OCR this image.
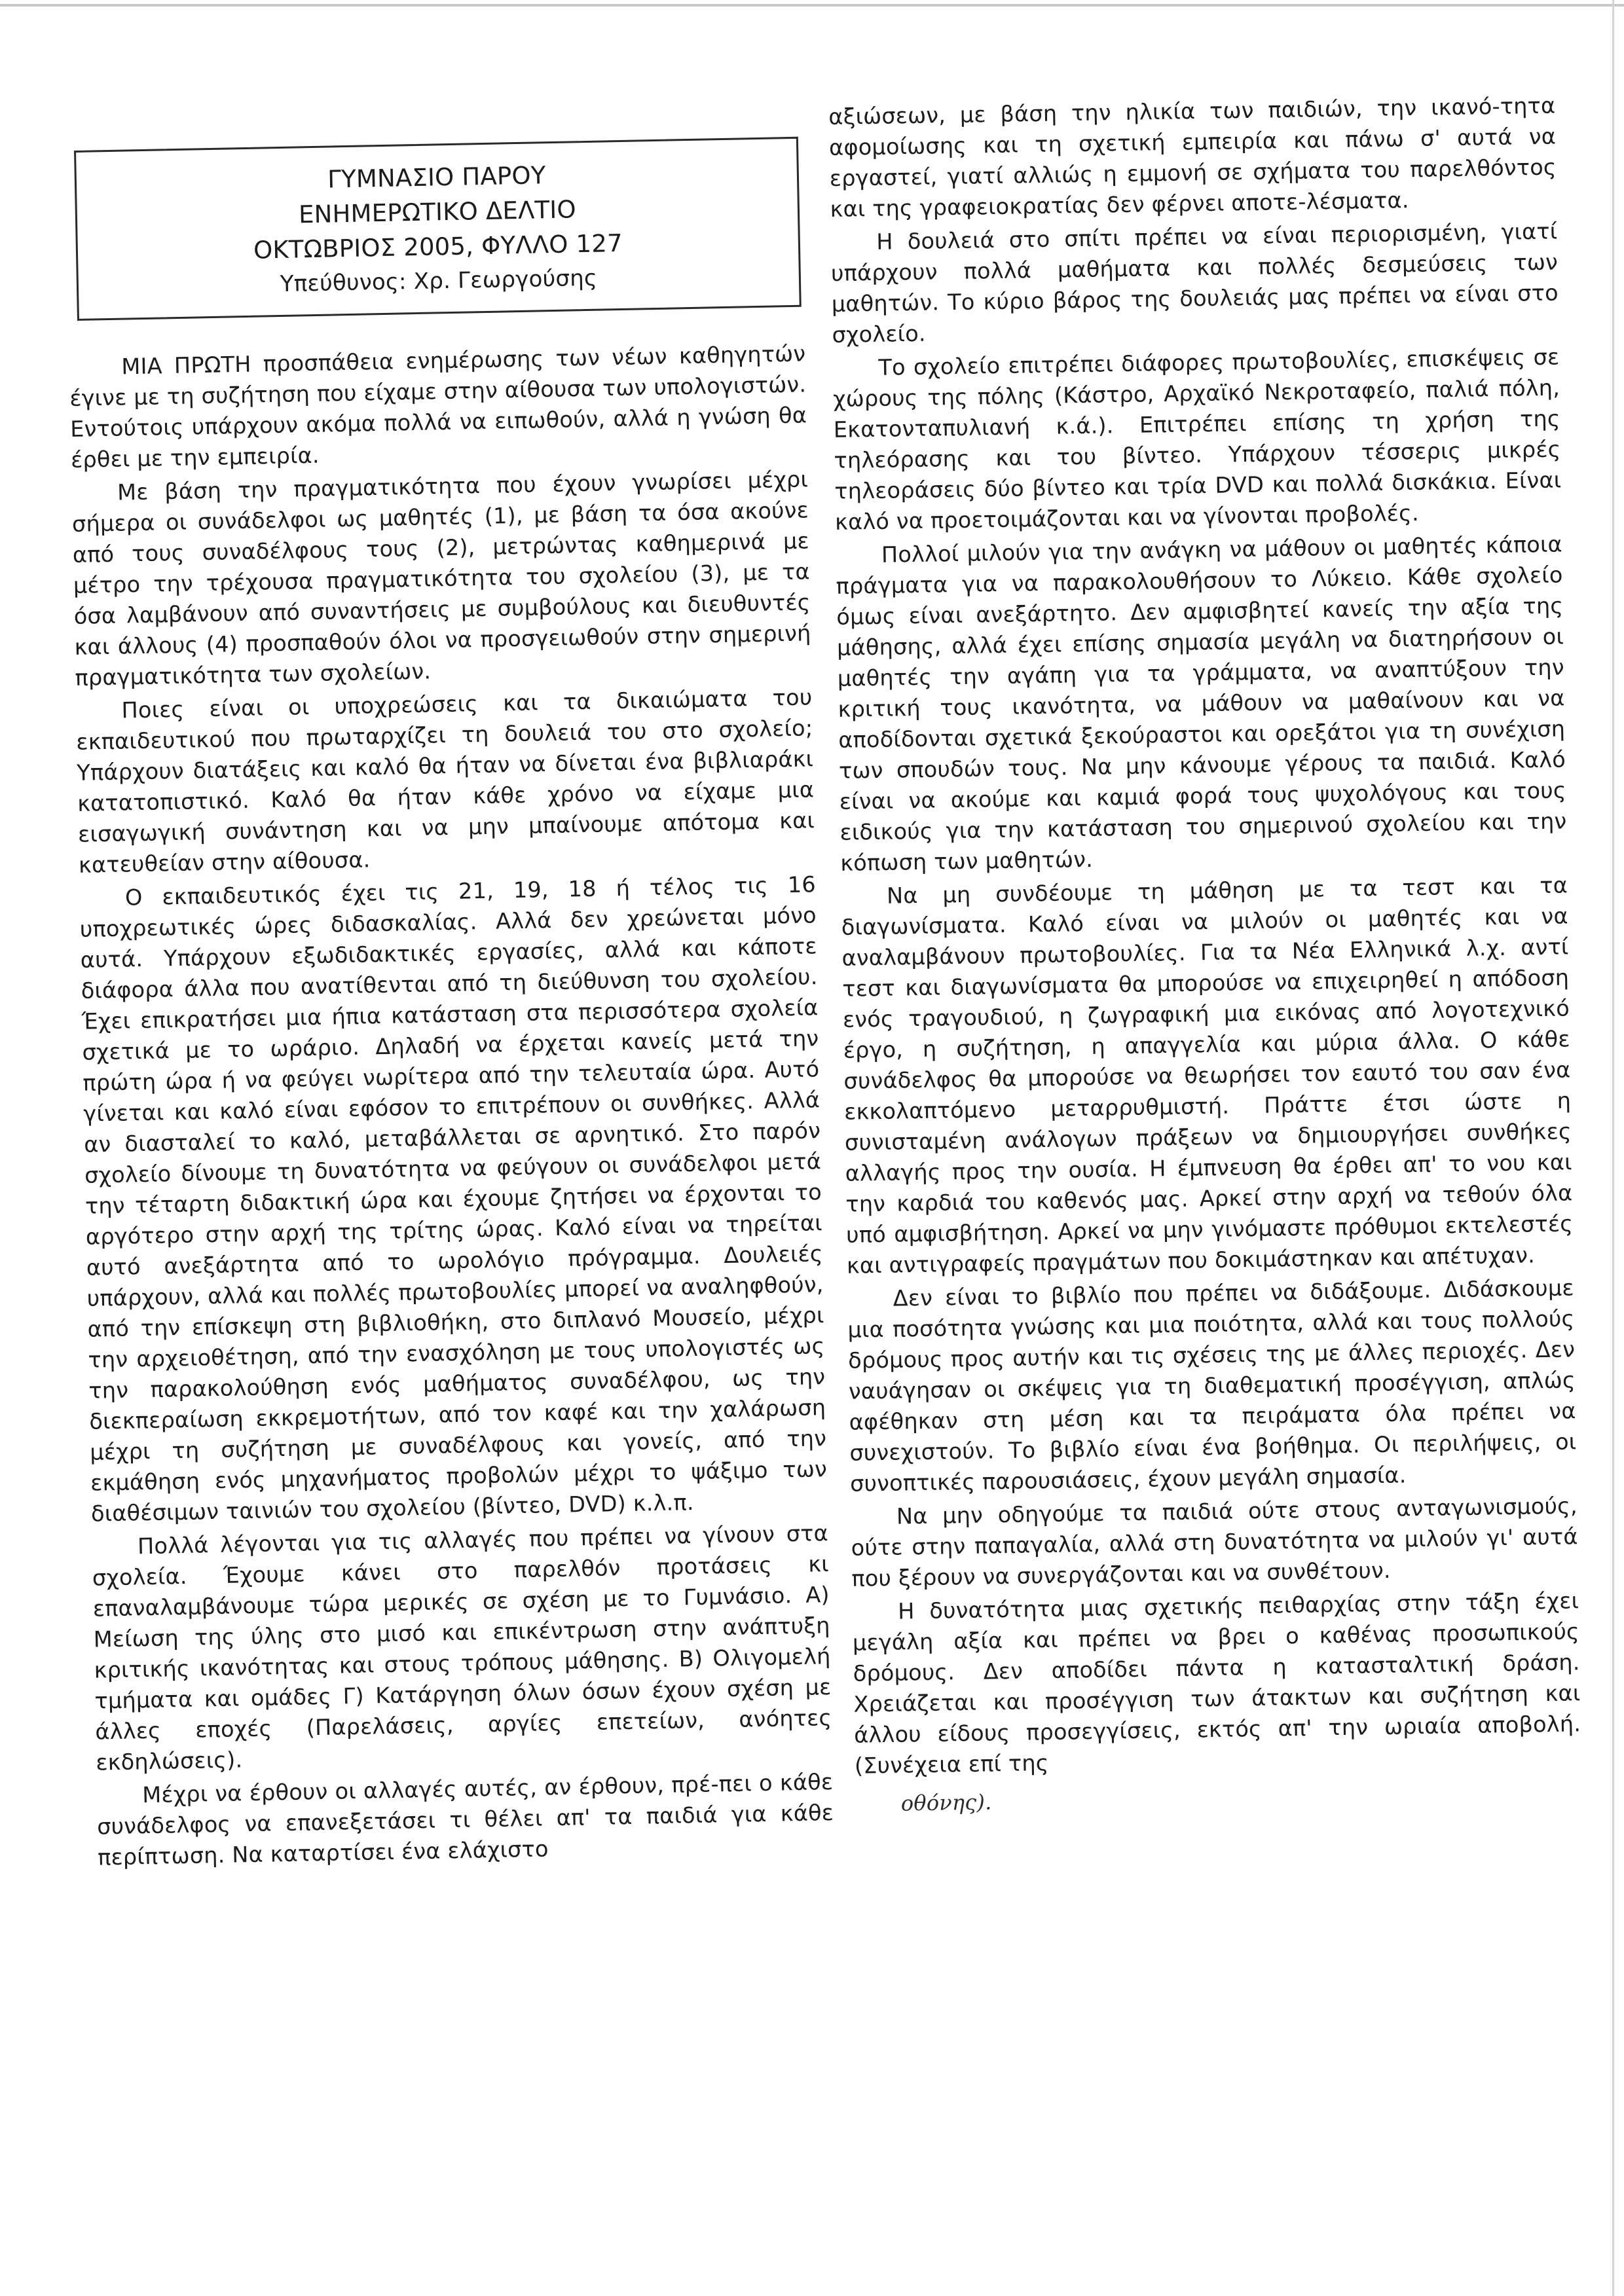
ΓΥΜΝΑΣΙΟ ΠΑΡΟΥ
ΕΝΗΜΕΡΩΤΙΚΟ ΔΕΛΤΙΟ
ΟΚΤΩΒΡΙΟΣ 2005, ΦΥΛΛΟ 127
Υπεύθυνος: Χρ. Γεωργούσης

ΜΙΑ ΠΡΩΤΗ προσπάθεια ενημέρωσης των νέων καθηγητών έγινε με τη συζήτηση που είχαμε στην αίθουσα των υπολογιστών. Εντούτοις υπάρχουν ακόμα πολλά να ειπωθούν, αλλά η γνώση θα έρθει με την εμπειρία.

Με βάση την πραγματικότητα που έχουν γνωρίσει μέχρι σήμερα οι συνάδελφοι ως μαθητές (1), με βάση τα όσα ακούνε από τους συναδέλφους τους (2), μετρώντας καθημερινά με μέτρο την τρέχουσα πραγματικότητα του σχολείου (3), με τα όσα λαμβάνουν από συναντήσεις με συμβούλους και διευθυντές και άλλους (4) προσπαθούν όλοι να προσγειωθούν στην σημερινή πραγματικότητα των σχολείων.

Ποιες είναι οι υποχρεώσεις και τα δικαιώματα του εκπαιδευτικού που πρωταρχίζει τη δουλειά του στο σχολείο; Υπάρχουν διατάξεις και καλό θα ήταν να δίνεται ένα βιβλιαράκι κατατοπιστικό. Καλό θα ήταν κάθε χρόνο να είχαμε μια εισαγωγική συνάντηση και να μην μπαίνουμε απότομα και κατευθείαν στην αίθουσα.

Ο εκπαιδευτικός έχει τις 21, 19, 18 ή τέλος τις 16 υποχρεωτικές ώρες διδασκαλίας. Αλλά δεν χρεώνεται μόνο αυτά. Υπάρχουν εξωδιδακτικές εργασίες, αλλά και κάποτε διάφορα άλλα που ανατίθενται από τη διεύθυνση του σχολείου. Έχει επικρατήσει μια ήπια κατάσταση στα περισσότερα σχολεία σχετικά με το ωράριο. Δηλαδή να έρχεται κανείς μετά την πρώτη ώρα ή να φεύγει νωρίτερα από την τελευταία ώρα. Αυτό γίνεται και καλό είναι εφόσον το επιτρέπουν οι συνθήκες. Αλλά αν διασταλεί το καλό, μεταβάλλεται σε αρνητικό. Στο παρόν σχολείο δίνουμε τη δυνατότητα να φεύγουν οι συνάδελφοι μετά την τέταρτη διδακτική ώρα και έχουμε ζητήσει να έρχονται το αργότερο στην αρχή της τρίτης ώρας. Καλό είναι να τηρείται αυτό ανεξάρτητα από το ωρολόγιο πρόγραμμα. Δουλειές υπάρχουν, αλλά και πολλές πρωτοβουλίες μπορεί να αναληφθούν, από την επίσκεψη στη βιβλιοθήκη, στο διπλανό Μουσείο, μέχρι την αρχειοθέτηση, από την ενασχόληση με τους υπολογιστές ως την παρακολούθηση ενός μαθήματος συναδέλφου, ως την διεκπεραίωση εκκρεμοτήτων, από τον καφέ και την χαλάρωση μέχρι τη συζήτηση με συναδέλφους και γονείς, από την εκμάθηση ενός μηχανήματος προβολών μέχρι το ψάξιμο των διαθέσιμων ταινιών του σχολείου (βίντεο, DVD) κ.λ.π.

Πολλά λέγονται για τις αλλαγές που πρέπει να γίνουν στα σχολεία. Έχουμε κάνει στο παρελθόν προτάσεις κι επαναλαμβάνουμε τώρα μερικές σε σχέση με το Γυμνάσιο. Α) Μείωση της ύλης στο μισό και επικέντρωση στην ανάπτυξη κριτικής ικανότητας και στους τρόπους μάθησης. Β) Ολιγομελή τμήματα και ομάδες Γ) Κατάργηση όλων όσων έχουν σχέση με άλλες εποχές (Παρελάσεις, αργίες επετείων, ανόητες εκδηλώσεις).

Μέχρι να έρθουν οι αλλαγές αυτές, αν έρθουν, πρέ-πει ο κάθε συνάδελφος να επανεξετάσει τι θέλει απ' τα παιδιά για κάθε περίπτωση. Να καταρτίσει ένα ελάχιστο

αξιώσεων, με βάση την ηλικία των παιδιών, την ικανό-τητα αφομοίωσης και τη σχετική εμπειρία και πάνω σ' αυτά να εργαστεί, γιατί αλλιώς η εμμονή σε σχήματα του παρελθόντος και της γραφειοκρατίας δεν φέρνει αποτε-λέσματα.

Η δουλειά στο σπίτι πρέπει να είναι περιορισμένη, γιατί υπάρχουν πολλά μαθήματα και πολλές δεσμεύσεις των μαθητών. Το κύριο βάρος της δουλειάς μας πρέπει να είναι στο σχολείο.

Το σχολείο επιτρέπει διάφορες πρωτοβουλίες, επισκέψεις σε χώρους της πόλης (Κάστρο, Αρχαϊκό Νεκροταφείο, παλιά πόλη, Εκατονταπυλιανή κ.ά.). Επιτρέπει επίσης τη χρήση της τηλεόρασης και του βίντεο. Υπάρχουν τέσσερις μικρές τηλεοράσεις δύο βίντεο και τρία DVD και πολλά δισκάκια. Είναι καλό να προετοιμάζονται και να γίνονται προβολές.

Πολλοί μιλούν για την ανάγκη να μάθουν οι μαθητές κάποια πράγματα για να παρακολουθήσουν το Λύκειο. Κάθε σχολείο όμως είναι ανεξάρτητο. Δεν αμφισβητεί κανείς την αξία της μάθησης, αλλά έχει επίσης σημασία μεγάλη να διατηρήσουν οι μαθητές την αγάπη για τα γράμματα, να αναπτύξουν την κριτική τους ικανότητα, να μάθουν να μαθαίνουν και να αποδίδονται σχετικά ξεκούραστοι και ορεξάτοι για τη συνέχιση των σπουδών τους. Να μην κάνουμε γέρους τα παιδιά. Καλό είναι να ακούμε και καμιά φορά τους ψυχολόγους και τους ειδικούς για την κατάσταση του σημερινού σχολείου και την κόπωση των μαθητών.

Να μη συνδέουμε τη μάθηση με τα τεστ και τα διαγωνίσματα. Καλό είναι να μιλούν οι μαθητές και να αναλαμβάνουν πρωτοβουλίες. Για τα Νέα Ελληνικά λ.χ. αντί τεστ και διαγωνίσματα θα μπορούσε να επιχειρηθεί η απόδοση ενός τραγουδιού, η ζωγραφική μια εικόνας από λογοτεχνικό έργο, η συζήτηση, η απαγγελία και μύρια άλλα. Ο κάθε συνάδελφος θα μπορούσε να θεωρήσει τον εαυτό του σαν ένα εκκολαπτόμενο μεταρρυθμιστή. Πράττε έτσι ώστε η συνισταμένη ανάλογων πράξεων να δημιουργήσει συνθήκες αλλαγής προς την ουσία. Η έμπνευση θα έρθει απ' το νου και την καρδιά του καθενός μας. Αρκεί στην αρχή να τεθούν όλα υπό αμφισβήτηση. Αρκεί να μην γινόμαστε πρόθυμοι εκτελεστές και αντιγραφείς πραγμάτων που δοκιμάστηκαν και απέτυχαν.

Δεν είναι το βιβλίο που πρέπει να διδάξουμε. Διδάσκουμε μια ποσότητα γνώσης και μια ποιότητα, αλλά και τους πολλούς δρόμους προς αυτήν και τις σχέσεις της με άλλες περιοχές. Δεν ναυάγησαν οι σκέψεις για τη διαθεματική προσέγγιση, απλώς αφέθηκαν στη μέση και τα πειράματα όλα πρέπει να συνεχιστούν. Το βιβλίο είναι ένα βοήθημα. Οι περιλήψεις, οι συνοπτικές παρουσιάσεις, έχουν μεγάλη σημασία.

Να μην οδηγούμε τα παιδιά ούτε στους ανταγωνισμούς, ούτε στην παπαγαλία, αλλά στη δυνατότητα να μιλούν γι' αυτά που ξέρουν να συνεργάζονται και να συνθέτουν.

Η δυνατότητα μιας σχετικής πειθαρχίας στην τάξη έχει μεγάλη αξία και πρέπει να βρει ο καθένας προσωπικούς δρόμους. Δεν αποδίδει πάντα η κατασταλτική δράση. Χρειάζεται και προσέγγιση των άτακτων και συζήτηση και άλλου είδους προσεγγίσεις, εκτός απ' την ωριαία αποβολή. (Συνέχεια επί της

οθόνης).
